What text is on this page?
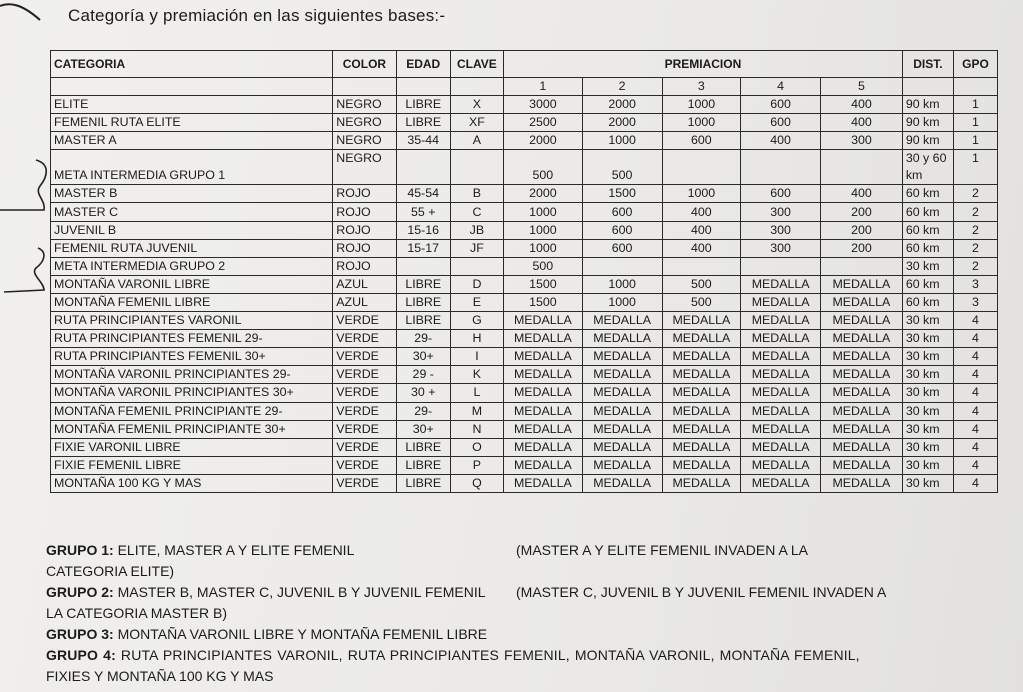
Categoría y premiación en las siguientes bases:-
CATEGORIA	COLOR	EDAD	CLAVE	PREMIACION					DIST.	GPO
				1	2	3	4	5		
ELITE	NEGRO	LIBRE	X	3000	2000	1000	600	400	90 km	1
FEMENIL RUTA ELITE	NEGRO	LIBRE	XF	2500	2000	1000	600	400	90 km	1
MASTER A	NEGRO	35-44	A	2000	1000	600	400	300	90 km	1
META INTERMEDIA GRUPO 1	NEGRO			500	500				30 y 60 km	1
MASTER B	ROJO	45-54	B	2000	1500	1000	600	400	60 km	2
MASTER C	ROJO	55 +	C	1000	600	400	300	200	60 km	2
JUVENIL B	ROJO	15-16	JB	1000	600	400	300	200	60 km	2
FEMENIL RUTA JUVENIL	ROJO	15-17	JF	1000	600	400	300	200	60 km	2
META INTERMEDIA GRUPO 2	ROJO			500					30 km	2
MONTAÑA VARONIL LIBRE	AZUL	LIBRE	D	1500	1000	500	MEDALLA	MEDALLA	60 km	3
MONTAÑA FEMENIL LIBRE	AZUL	LIBRE	E	1500	1000	500	MEDALLA	MEDALLA	60 km	3
RUTA PRINCIPIANTES VARONIL	VERDE	LIBRE	G	MEDALLA	MEDALLA	MEDALLA	MEDALLA	MEDALLA	30 km	4
RUTA PRINCIPIANTES FEMENIL 29-	VERDE	29-	H	MEDALLA	MEDALLA	MEDALLA	MEDALLA	MEDALLA	30 km	4
RUTA PRINCIPIANTES FEMENIL 30+	VERDE	30+	I	MEDALLA	MEDALLA	MEDALLA	MEDALLA	MEDALLA	30 km	4
MONTAÑA VARONIL PRINCIPIANTES 29-	VERDE	29 -	K	MEDALLA	MEDALLA	MEDALLA	MEDALLA	MEDALLA	30 km	4
MONTAÑA VARONIL PRINCIPIANTES 30+	VERDE	30 +	L	MEDALLA	MEDALLA	MEDALLA	MEDALLA	MEDALLA	30 km	4
MONTAÑA FEMENIL PRINCIPIANTE 29-	VERDE	29-	M	MEDALLA	MEDALLA	MEDALLA	MEDALLA	MEDALLA	30 km	4
MONTAÑA FEMENIL PRINCIPIANTE 30+	VERDE	30+	N	MEDALLA	MEDALLA	MEDALLA	MEDALLA	MEDALLA	30 km	4
FIXIE VARONIL LIBRE	VERDE	LIBRE	O	MEDALLA	MEDALLA	MEDALLA	MEDALLA	MEDALLA	30 km	4
FIXIE FEMENIL LIBRE	VERDE	LIBRE	P	MEDALLA	MEDALLA	MEDALLA	MEDALLA	MEDALLA	30 km	4
MONTAÑA 100 KG Y MAS	VERDE	LIBRE	Q	MEDALLA	MEDALLA	MEDALLA	MEDALLA	MEDALLA	30 km	4
GRUPO 1: ELITE, MASTER A Y ELITE FEMENIL	(MASTER A Y ELITE FEMENIL INVADEN A LA
CATEGORIA ELITE)
GRUPO 2: MASTER B, MASTER C, JUVENIL B Y JUVENIL FEMENIL (MASTER C, JUVENIL B Y JUVENIL FEMENIL INVADEN A
LA CATEGORIA MASTER B)
GRUPO 3: MONTAÑA VARONIL LIBRE Y MONTAÑA FEMENIL LIBRE
GRUPO 4: RUTA PRINCIPIANTES VARONIL, RUTA PRINCIPIANTES FEMENIL, MONTAÑA VARONIL, MONTAÑA FEMENIL,
FIXIES Y MONTAÑA 100 KG Y MAS
